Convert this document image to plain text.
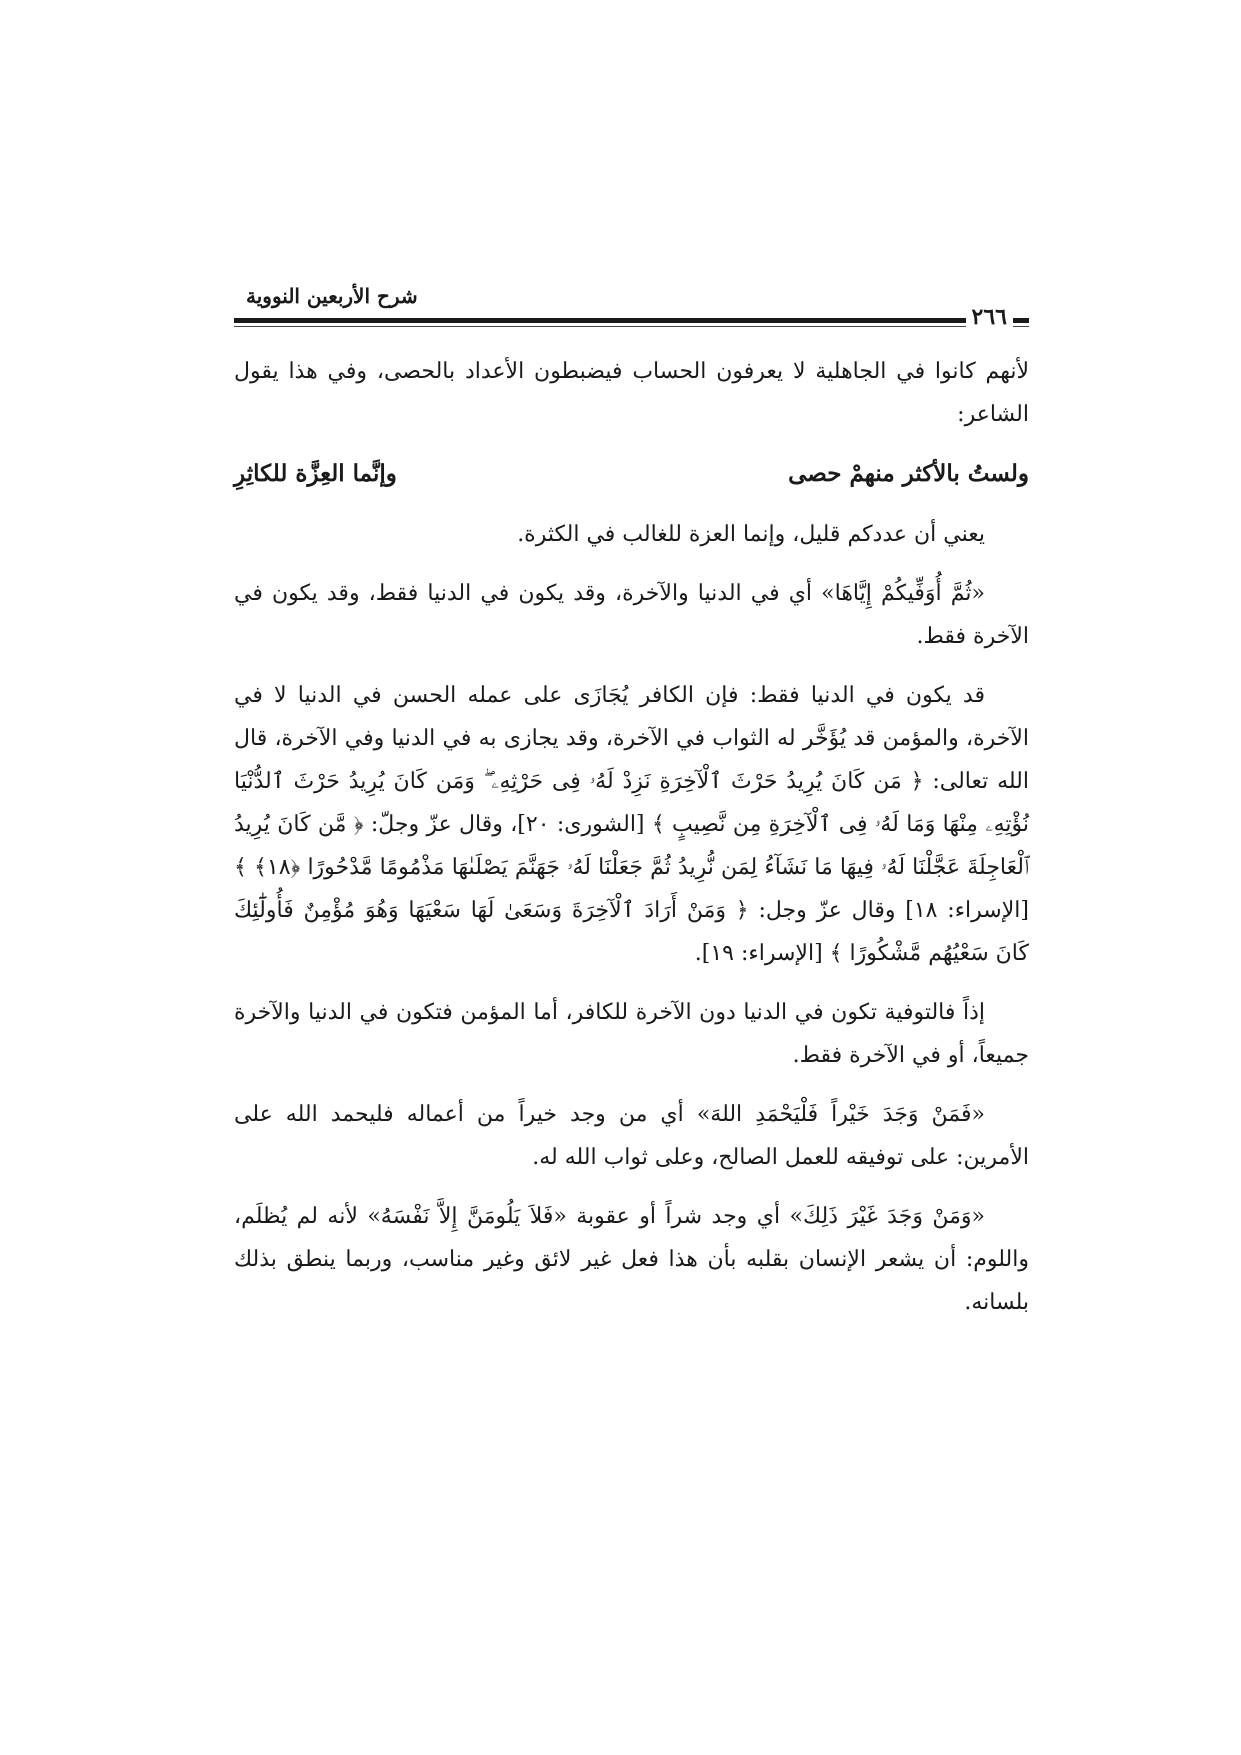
شرح الأربعين النووية
٢٦٦

لأنهم كانوا في الجاهلية لا يعرفون الحساب فيضبطون الأعداد بالحصى، وفي هذا يقول الشاعر:

ولستُ بالأكثر منهمْ حصى
وإنَّما العِزَّة للكاثِرِ

يعني أن عددكم قليل، وإنما العزة للغالب في الكثرة.

«ثُمَّ أُوَفِّيكُمْ إِيَّاهَا» أي في الدنيا والآخرة، وقد يكون في الدنيا فقط، وقد يكون في الآخرة فقط.

قد يكون في الدنيا فقط: فإن الكافر يُجَازَى على عمله الحسن في الدنيا لا في الآخرة، والمؤمن قد يُؤَخَّر له الثواب في الآخرة، وقد يجازى به في الدنيا وفي الآخرة، قال الله تعالى: ﴿ مَن كَانَ يُرِيدُ حَرْثَ ٱلْآخِرَةِ نَزِدْ لَهُۥ فِى حَرْثِهِۦ ۖ وَمَن كَانَ يُرِيدُ حَرْثَ ٱلدُّنْيَا نُؤْتِهِۦ مِنْهَا وَمَا لَهُۥ فِى ٱلْآخِرَةِ مِن نَّصِيبٍ ﴾ [الشورى: ٢٠]، وقال عزّ وجلّ: ﴿ مَّن كَانَ يُرِيدُ ٱلْعَاجِلَةَ عَجَّلْنَا لَهُۥ فِيهَا مَا نَشَآءُ لِمَن نُّرِيدُ ثُمَّ جَعَلْنَا لَهُۥ جَهَنَّمَ يَصْلَىٰهَا مَذْمُومًا مَّدْحُورًا ﴿١٨﴾ ﴾ [الإسراء: ١٨] وقال عزّ وجل: ﴿ وَمَنْ أَرَادَ ٱلْآخِرَةَ وَسَعَىٰ لَهَا سَعْيَهَا وَهُوَ مُؤْمِنٌ فَأُولَٰٓئِكَ كَانَ سَعْيُهُم مَّشْكُورًا ﴾ [الإسراء: ١٩].

إذاً فالتوفية تكون في الدنيا دون الآخرة للكافر، أما المؤمن فتكون في الدنيا والآخرة جميعاً، أو في الآخرة فقط.

«فَمَنْ وَجَدَ خَيْراً فَلْيَحْمَدِ اللهَ» أي من وجد خيراً من أعماله فليحمد الله على الأمرين: على توفيقه للعمل الصالح، وعلى ثواب الله له.

«وَمَنْ وَجَدَ غَيْرَ ذَلِكَ» أي وجد شراً أو عقوبة «فَلاَ يَلُومَنَّ إِلاَّ نَفْسَهُ» لأنه لم يُظلَم، واللوم: أن يشعر الإنسان بقلبه بأن هذا فعل غير لائق وغير مناسب، وربما ينطق بذلك بلسانه.
